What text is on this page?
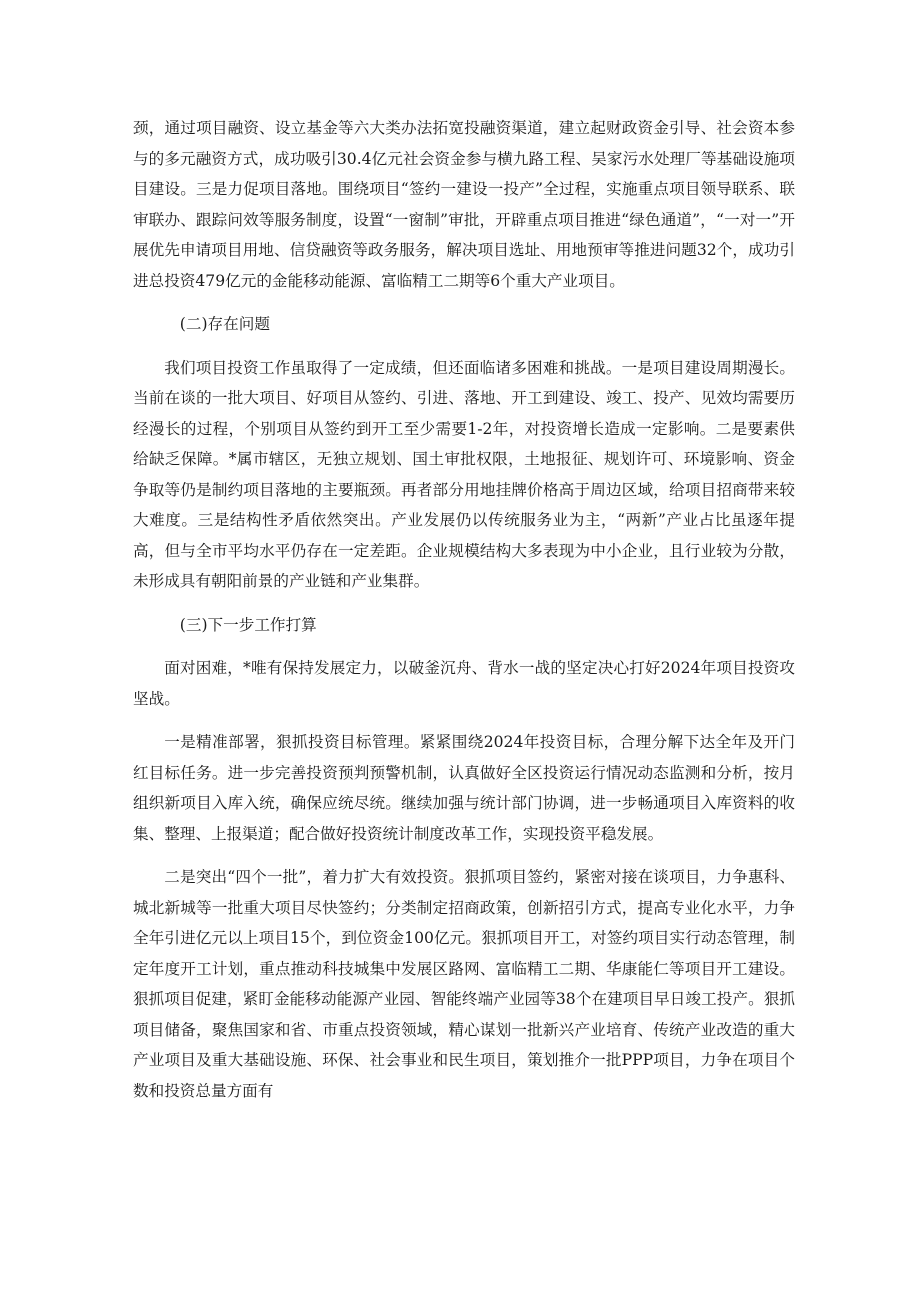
颈，通过项目融资、设立基金等六大类办法拓宽投融资渠道，建立起财政资金引导、社会资本参与的多元融资方式，成功吸引30.4亿元社会资金参与横九路工程、吴家污水处理厂等基础设施项目建设。三是力促项目落地。围绕项目“签约一建设一投产”全过程，实施重点项目领导联系、联审联办、跟踪问效等服务制度，设置“一窗制”审批，开辟重点项目推进“绿色通道”，“一对一”开展优先申请项目用地、信贷融资等政务服务，解决项目选址、用地预审等推进问题32个，成功引进总投资479亿元的金能移动能源、富临精工二期等6个重大产业项目。

(二)存在问题

我们项目投资工作虽取得了一定成绩，但还面临诸多困难和挑战。一是项目建设周期漫长。当前在谈的一批大项目、好项目从签约、引进、落地、开工到建设、竣工、投产、见效均需要历经漫长的过程，个别项目从签约到开工至少需要1-2年，对投资增长造成一定影响。二是要素供给缺乏保障。*属市辖区，无独立规划、国土审批权限，土地报征、规划许可、环境影响、资金争取等仍是制约项目落地的主要瓶颈。再者部分用地挂牌价格高于周边区域，给项目招商带来较大难度。三是结构性矛盾依然突出。产业发展仍以传统服务业为主，“两新”产业占比虽逐年提高，但与全市平均水平仍存在一定差距。企业规模结构大多表现为中小企业，且行业较为分散，未形成具有朝阳前景的产业链和产业集群。

(三)下一步工作打算

面对困难，*唯有保持发展定力，以破釜沉舟、背水一战的坚定决心打好2024年项目投资攻坚战。

一是精准部署，狠抓投资目标管理。紧紧围绕2024年投资目标，合理分解下达全年及开门红目标任务。进一步完善投资预判预警机制，认真做好全区投资运行情况动态监测和分析，按月组织新项目入库入统，确保应统尽统。继续加强与统计部门协调，进一步畅通项目入库资料的收集、整理、上报渠道；配合做好投资统计制度改革工作，实现投资平稳发展。

二是突出“四个一批”，着力扩大有效投资。狠抓项目签约，紧密对接在谈项目，力争惠科、城北新城等一批重大项目尽快签约；分类制定招商政策，创新招引方式，提高专业化水平，力争全年引进亿元以上项目15个，到位资金100亿元。狠抓项目开工，对签约项目实行动态管理，制定年度开工计划，重点推动科技城集中发展区路网、富临精工二期、华康能仁等项目开工建设。狠抓项目促建，紧盯金能移动能源产业园、智能终端产业园等38个在建项目早日竣工投产。狠抓项目储备，聚焦国家和省、市重点投资领域，精心谋划一批新兴产业培育、传统产业改造的重大产业项目及重大基础设施、环保、社会事业和民生项目，策划推介一批PPP项目，力争在项目个数和投资总量方面有
